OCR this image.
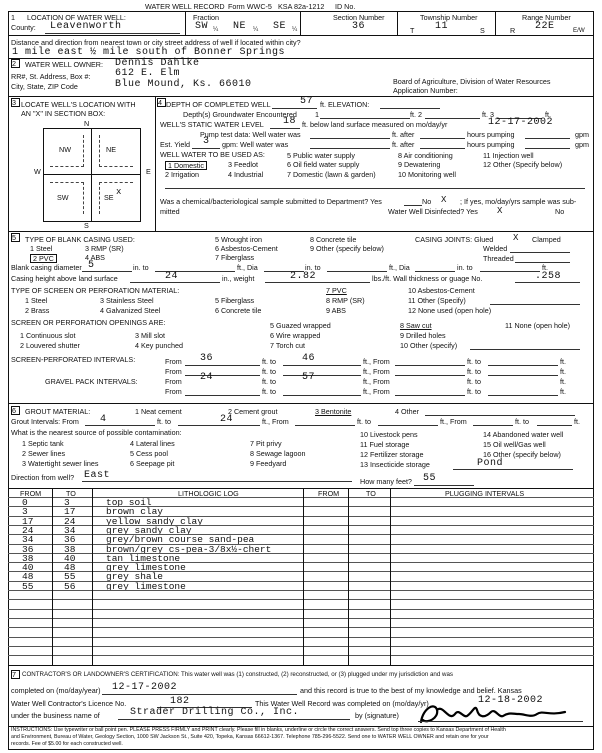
WATER WELL RECORD Form WWC-5 KSA 82a-1212 ID No.
1 LOCATION OF WATER WELL:
County: Leavenworth
Fraction
SW ¼ NE ¼ SE ¼
Section Number
36
Township Number
T 11	S
Range Number
R 22E	E/W
Distance and direction from nearest town or city street address of well if located within city?
1 mile east ½ mile south of Bonner Springs
2 WATER WELL OWNER: Dennis Dahlke
RR#, St. Address, Box #: 612 E. Elm
City, State, ZIP Code	Blue Mound, Ks. 66010	Board of Agriculture, Division of Water Resources
Application Number:
3 LOCATE WELL'S LOCATION WITH
AN "X" IN SECTION BOX:
N
S
W	E
NW	NE
SW	SE
x
4 DEPTH OF COMPLETED WELL	57 ft. ELEVATION:
Depth(s) Groundwater Encountered	1	ft. 2	ft. 3	ft.
WELL'S STATIC WATER LEVEL 18 ft. below land surface measured on mo/day/yr	12-17-2002
Pump test data: Well water was	ft. after	hours pumping	gpm
Est. Yield 3 gpm: Well water was	ft. after	hours pumping	gpm
WELL WATER TO BE USED AS:
1 Domestic
2 Irrigation
3 Feedlot
4 Industrial
5 Public water supply
6 Oil field water supply
7 Domestic (lawn & garden)
8 Air conditioning
9 Dewatering
10 Monitoring well
11 Injection well
12 Other (Specify below)
Was a chemical/bacteriological sample submitted to Department? Yes	No X ; If yes, mo/day/yrs sample was sub-
mitted	Water Well Disinfected? Yes X	No
5 TYPE OF BLANK CASING USED:
1 Steel
2 PVC
3 RMP (SR)
4 ABS
5 Wrought iron
6 Asbestos-Cement
7 Fiberglass
8 Concrete tile
9 Other (specify below)
CASING JOINTS: Glued X Clamped
Welded
Threaded
Blank casing diameter 5	in. to	ft., Dia	in. to	ft., Dia	in. to	ft.
Casing height above land surface	24	in., weight	2.82	lbs./ft. Wall thickness or guage No.	.258
TYPE OF SCREEN OR PERFORATION MATERIAL:
1 Steel
2 Brass
3 Stainless Steel
4 Galvanized Steel
5 Fiberglass
6 Concrete tile
7 PVC
8 RMP (SR)
9 ABS
10 Asbestos-Cement
11 Other (Specify)
12 None used (open hole)
SCREEN OR PERFORATION OPENINGS ARE:
1 Continuous slot
2 Louvered shutter
3 Mill slot
4 Key punched
5 Guazed wrapped
6 Wire wrapped
7 Torch cut
8 Saw cut
9 Drilled holes
10 Other (specify)
11 None (open hole)
SCREEN-PERFORATED INTERVALS:	From 36	ft. to	46	ft., From	ft. to	ft.
From	ft. to	ft., From	ft. to	ft.
GRAVEL PACK INTERVALS:	From 24	ft. to	57	ft., From	ft. to	ft.
From	ft. to	ft., From	ft. to	ft.
6 GROUT MATERIAL:	1 Neat cement	2 Cement grout	3 Bentonite	4 Other
Grout Intervals: From 4	ft. to	24	ft., From	ft. to	ft., From	ft. to	ft.
What is the nearest source of possible contamination:
1 Septic tank
2 Sewer lines
3 Watertight sewer lines
4 Lateral lines
5 Cess pool
6 Seepage pit
7 Pit privy
8 Sewage lagoon
9 Feedyard
10 Livestock pens
11 Fuel storage
12 Fertilizer storage
13 Insecticide storage
14 Abandoned water well
15 Oil well/Gas well
16 Other (specify below)
Pond
Direction from well? East
How many feet? 55
FROM	TO	LITHOLOGIC LOG	FROM	TO	PLUGGING INTERVALS
0	3	top soil
3	17	brown clay
17	24	yellow sandy clay
24	34	grey sandy clay
34	36	grey/brown course sand-pea
36	38	brown/grey cs-pea-3/8x½-chert
38	40	tan limestone
40	48	grey limestone
48	55	grey shale
55	56	grey limestone
7 CONTRACTOR'S OR LANDOWNER'S CERTIFICATION: This water well was (1) constructed, (2) reconstructed, or (3) plugged under my jurisdiction and was
completed on (mo/day/year) 12-17-2002	and this record is true to the best of my knowledge and belief. Kansas
Water Well Contractor's Licence No.	182	This Water Well Record was completed on (mo/day/yr)	12-18-2002
under the business name of	Strader Drilling Co., Inc.	by (signature)
INSTRUCTIONS: Use typewriter or ball point pen. PLEASE PRESS FIRMLY and PRINT clearly. Please fill in blanks, underline or circle the correct answers. Send top three copies to Kansas Department of Health
and Environment, Bureau of Water, Geology Section, 1000 SW Jackson St., Suite 420, Topeka, Kansas 66612-1367. Telephone 785-296-5522. Send one to WATER WELL OWNER and retain one for your
records. Fee of $5.00 for each constructed well.
